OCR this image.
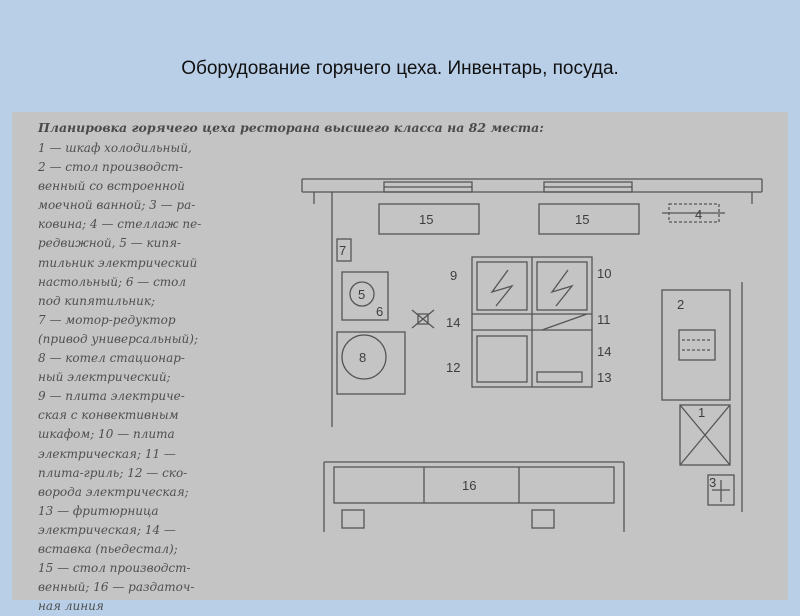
Оборудование горячего цеха. Инвентарь, посуда.
Планировка горячего цеха ресторана высшего класса на 82 места:
1 — шкаф холодильный,
2 — стол производст-
венный со встроенной
моечной ванной; 3 — ра-
ковина; 4 — стеллаж пе-
редвижной, 5 — кипя-
тильник электрический
настольный; 6 — стол
под кипятильник;
7 — мотор-редуктор
(привод универсальный);
8 — котел стационар-
ный электрический;
9 — плита электриче-
ская с конвективным
шкафом; 10 — плита
электрическая; 11 —
плита-гриль; 12 — ско-
ворода электрическая;
13 — фритюрница
электрическая; 14 —
вставка (пьедестал);
15 — стол производст-
венный; 16 — раздаточ-
ная линия
15	15	4
7
5
6
8
9	10
11
14
14
12
13
2
1
3
16
